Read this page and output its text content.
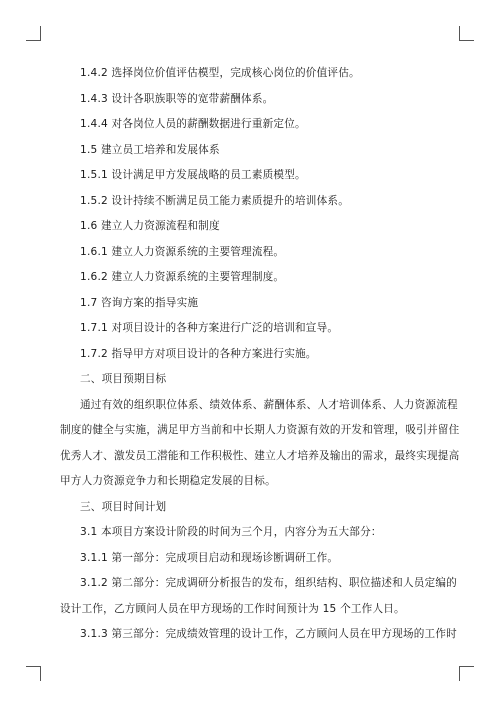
1.4.2 选择岗位价值评估模型，完成核心岗位的价值评估。
1.4.3 设计各职族职等的宽带薪酬体系。
1.4.4 对各岗位人员的薪酬数据进行重新定位。
1.5 建立员工培养和发展体系
1.5.1 设计满足甲方发展战略的员工素质模型。
1.5.2 设计持续不断满足员工能力素质提升的培训体系。
1.6 建立人力资源流程和制度
1.6.1 建立人力资源系统的主要管理流程。
1.6.2 建立人力资源系统的主要管理制度。
1.7 咨询方案的指导实施
1.7.1 对项目设计的各种方案进行广泛的培训和宣导。
1.7.2 指导甲方对项目设计的各种方案进行实施。
二、项目预期目标
通过有效的组织职位体系、绩效体系、薪酬体系、人才培训体系、人力资源流程
制度的健全与实施，满足甲方当前和中长期人力资源有效的开发和管理，吸引并留住
优秀人才、激发员工潜能和工作积极性、建立人才培养及输出的需求，最终实现提高
甲方人力资源竞争力和长期稳定发展的目标。
三、项目时间计划
3.1 本项目方案设计阶段的时间为三个月，内容分为五大部分：
3.1.1 第一部分：完成项目启动和现场诊断调研工作。
3.1.2 第二部分：完成调研分析报告的发布，组织结构、职位描述和人员定编的
设计工作，乙方顾问人员在甲方现场的工作时间预计为 15 个工作人日。
3.1.3 第三部分：完成绩效管理的设计工作，乙方顾问人员在甲方现场的工作时
